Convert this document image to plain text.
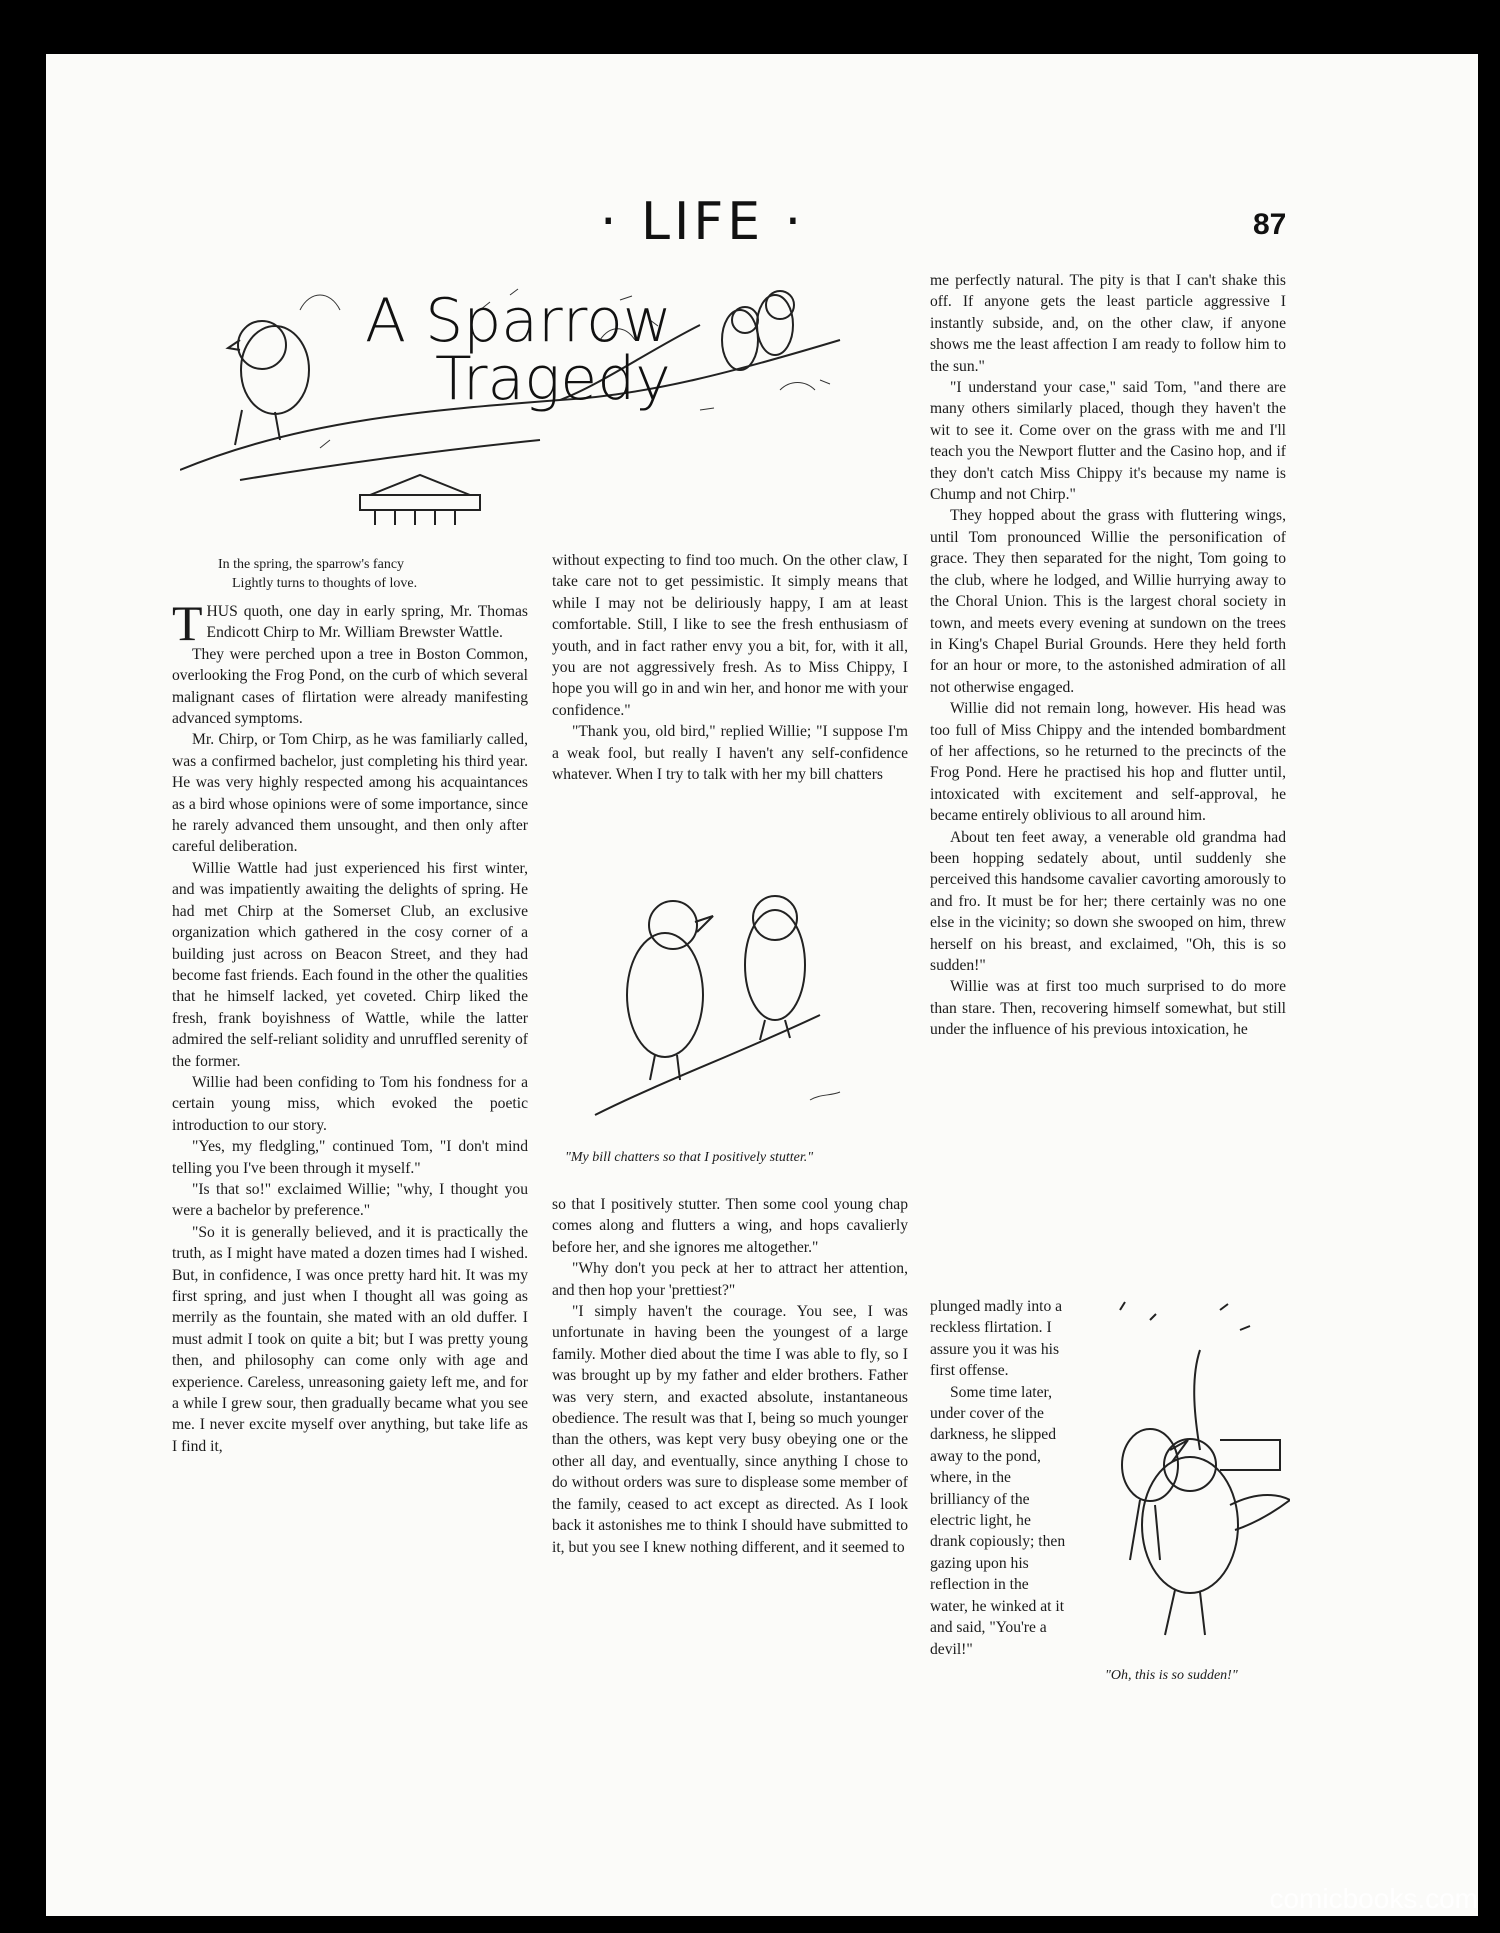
· LIFE ·	87
A Sparrow
Tragedy
In the spring, the sparrow's fancy
Lightly turns to thoughts of love.

THUS quoth, one day in early spring, Mr. Thomas Endicott Chirp to Mr. William Brewster Wattle.

They were perched upon a tree in Boston Common, overlooking the Frog Pond, on the curb of which several malignant cases of flirtation were already manifesting advanced symptoms.

Mr. Chirp, or Tom Chirp, as he was familiarly called, was a confirmed bachelor, just completing his third year. He was very highly respected among his acquaintances as a bird whose opinions were of some importance, since he rarely advanced them unsought, and then only after careful deliberation.

Willie Wattle had just experienced his first winter, and was impatiently awaiting the delights of spring. He had met Chirp at the Somerset Club, an exclusive organization which gathered in the cosy corner of a building just across on Beacon Street, and they had become fast friends. Each found in the other the qualities that he himself lacked, yet coveted. Chirp liked the fresh, frank boyishness of Wattle, while the latter admired the self-reliant solidity and unruffled serenity of the former.

Willie had been confiding to Tom his fondness for a certain young miss, which evoked the poetic introduction to our story.

"Yes, my fledgling," continued Tom, "I don't mind telling you I've been through it myself."

"Is that so!" exclaimed Willie; "why, I thought you were a bachelor by preference."

"So it is generally believed, and it is practically the truth, as I might have mated a dozen times had I wished. But, in confidence, I was once pretty hard hit. It was my first spring, and just when I thought all was going as merrily as the fountain, she mated with an old duffer. I must admit I took on quite a bit; but I was pretty young then, and philosophy can come only with age and experience. Careless, unreasoning gaiety left me, and for a while I grew sour, then gradually became what you see me. I never excite myself over anything, but take life as I find it,

without expecting to find too much. On the other claw, I take care not to get pessimistic. It simply means that while I may not be deliriously happy, I am at least comfortable. Still, I like to see the fresh enthusiasm of youth, and in fact rather envy you a bit, for, with it all, you are not aggressively fresh. As to Miss Chippy, I hope you will go in and win her, and honor me with your confidence."

"Thank you, old bird," replied Willie; "I suppose I'm a weak fool, but really I haven't any self-confidence whatever. When I try to talk with her my bill chatters

"My bill chatters so that I positively stutter."

so that I positively stutter. Then some cool young chap comes along and flutters a wing, and hops cavalierly before her, and she ignores me altogether."

"Why don't you peck at her to attract her attention, and then hop your 'prettiest?"

"I simply haven't the courage. You see, I was unfortunate in having been the youngest of a large family. Mother died about the time I was able to fly, so I was brought up by my father and elder brothers. Father was very stern, and exacted absolute, instantaneous obedience. The result was that I, being so much younger than the others, was kept very busy obeying one or the other all day, and eventually, since anything I chose to do without orders was sure to displease some member of the family, ceased to act except as directed. As I look back it astonishes me to think I should have submitted to it, but you see I knew nothing different, and it seemed to

me perfectly natural. The pity is that I can't shake this off. If anyone gets the least particle aggressive I instantly subside, and, on the other claw, if anyone shows me the least affection I am ready to follow him to the sun."

"I understand your case," said Tom, "and there are many others similarly placed, though they haven't the wit to see it. Come over on the grass with me and I'll teach you the Newport flutter and the Casino hop, and if they don't catch Miss Chippy it's because my name is Chump and not Chirp."

They hopped about the grass with fluttering wings, until Tom pronounced Willie the personification of grace. They then separated for the night, Tom going to the club, where he lodged, and Willie hurrying away to the Choral Union. This is the largest choral society in town, and meets every evening at sundown on the trees in King's Chapel Burial Grounds. Here they held forth for an hour or more, to the astonished admiration of all not otherwise engaged.

Willie did not remain long, however. His head was too full of Miss Chippy and the intended bombardment of her affections, so he returned to the precincts of the Frog Pond. Here he practised his hop and flutter until, intoxicated with excitement and self-approval, he became entirely oblivious to all around him.

About ten feet away, a venerable old grandma had been hopping sedately about, until suddenly she perceived this handsome cavalier cavorting amorously to and fro. It must be for her; there certainly was no one else in the vicinity; so down she swooped on him, threw herself on his breast, and exclaimed, "Oh, this is so sudden!"

Willie was at first too much surprised to do more than stare. Then, recovering himself somewhat, but still under the influence of his previous intoxication, he

plunged madly into a reckless flirtation. I assure you it was his first offense.

Some time later, under cover of the darkness, he slipped away to the pond, where, in the brilliancy of the electric light, he drank copiously; then gazing upon his reflection in the water, he winked at it and said, "You're a devil!"

"Oh, this is so sudden!"
comicbooks.com
